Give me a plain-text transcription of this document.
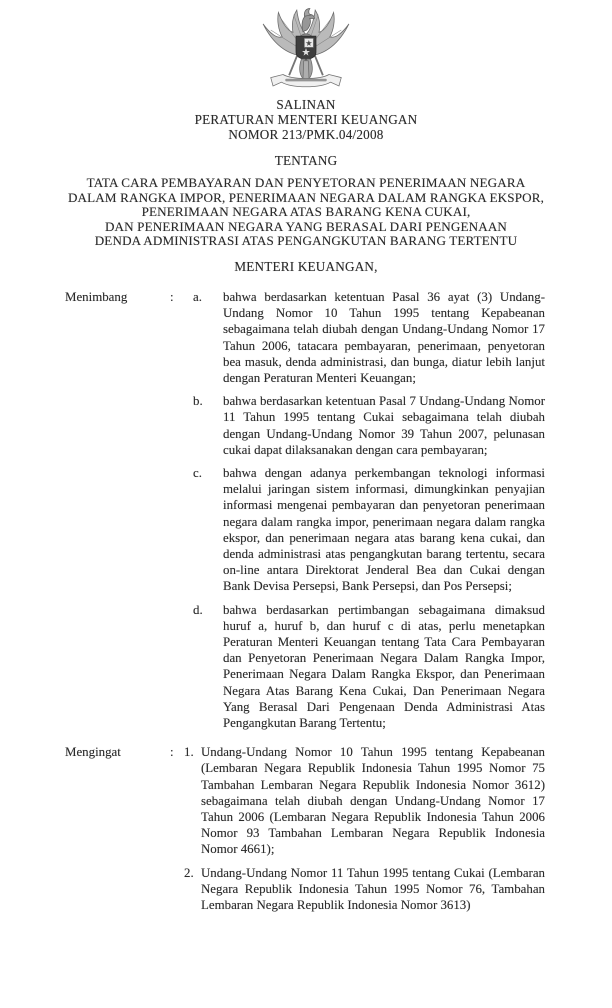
SALINAN
PERATURAN MENTERI KEUANGAN
NOMOR 213/PMK.04/2008
TENTANG
TATA CARA PEMBAYARAN DAN PENYETORAN PENERIMAAN NEGARA
DALAM RANGKA IMPOR, PENERIMAAN NEGARA DALAM RANGKA EKSPOR,
PENERIMAAN NEGARA ATAS BARANG KENA CUKAI,
DAN PENERIMAAN NEGARA YANG BERASAL DARI PENGENAAN
DENDA ADMINISTRASI ATAS PENGANGKUTAN BARANG TERTENTU
MENTERI KEUANGAN,
Menimbang	:	a.	bahwa berdasarkan ketentuan Pasal 36 ayat (3) Undang-Undang Nomor 10 Tahun 1995 tentang Kepabeanan sebagaimana telah diubah dengan Undang-Undang Nomor 17 Tahun 2006, tatacara pembayaran, penerimaan, penyetoran bea masuk, denda administrasi, dan bunga, diatur lebih lanjut dengan Peraturan Menteri Keuangan;

b.	bahwa berdasarkan ketentuan Pasal 7 Undang-Undang Nomor 11 Tahun 1995 tentang Cukai sebagaimana telah diubah dengan Undang-Undang Nomor 39 Tahun 2007, pelunasan cukai dapat dilaksanakan dengan cara pembayaran;

c.	bahwa dengan adanya perkembangan teknologi informasi melalui jaringan sistem informasi, dimungkinkan penyajian informasi mengenai pembayaran dan penyetoran penerimaan negara dalam rangka impor, penerimaan negara dalam rangka ekspor, dan penerimaan negara atas barang kena cukai, dan denda administrasi atas pengangkutan barang tertentu, secara on-line antara Direktorat Jenderal Bea dan Cukai dengan Bank Devisa Persepsi, Bank Persepsi, dan Pos Persepsi;

d.	bahwa berdasarkan pertimbangan sebagaimana dimaksud huruf a, huruf b, dan huruf c di atas, perlu menetapkan Peraturan Menteri Keuangan tentang Tata Cara Pembayaran dan Penyetoran Penerimaan Negara Dalam Rangka Impor, Penerimaan Negara Dalam Rangka Ekspor, dan Penerimaan Negara Atas Barang Kena Cukai, Dan Penerimaan Negara Yang Berasal Dari Pengenaan Denda Administrasi Atas Pengangkutan Barang Tertentu;

Mengingat	: 1. Undang-Undang Nomor 10 Tahun 1995 tentang Kepabeanan (Lembaran Negara Republik Indonesia Tahun 1995 Nomor 75 Tambahan Lembaran Negara Republik Indonesia Nomor 3612) sebagaimana telah diubah dengan Undang-Undang Nomor 17 Tahun 2006 (Lembaran Negara Republik Indonesia Tahun 2006 Nomor 93 Tambahan Lembaran Negara Republik Indonesia Nomor 4661);

2. Undang-Undang Nomor 11 Tahun 1995 tentang Cukai (Lembaran Negara Republik Indonesia Tahun 1995 Nomor 76, Tambahan Lembaran Negara Republik Indonesia Nomor 3613)
